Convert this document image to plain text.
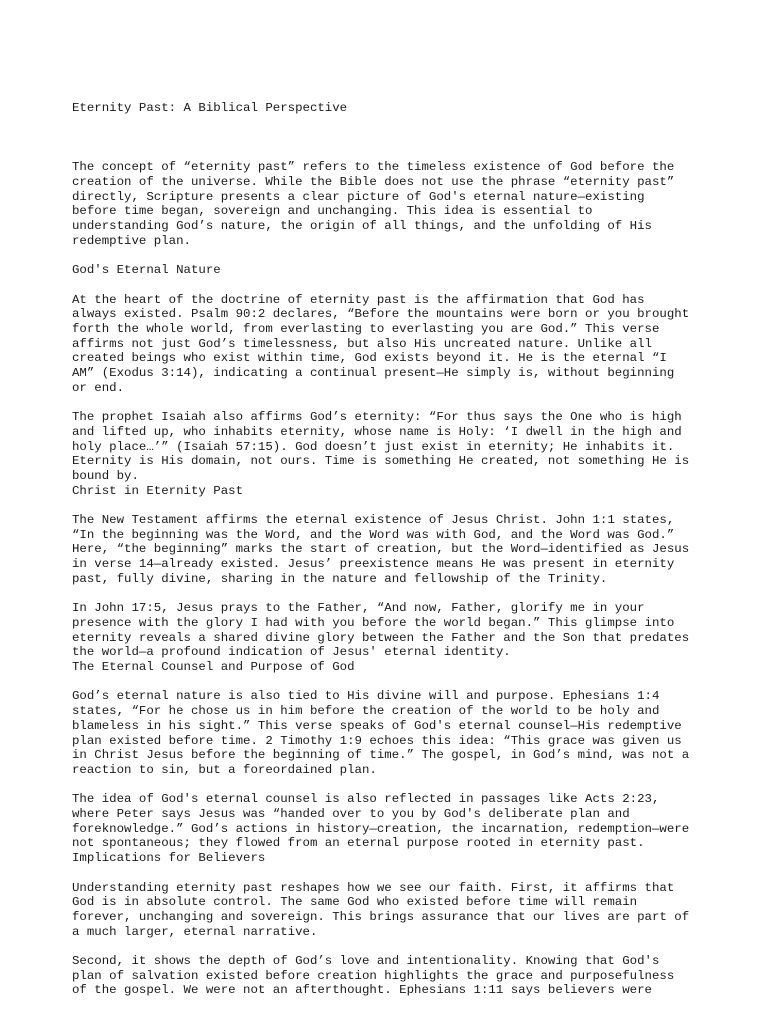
Eternity Past: A Biblical Perspective

The concept of “eternity past” refers to the timeless existence of God before the
creation of the universe. While the Bible does not use the phrase “eternity past”
directly, Scripture presents a clear picture of God's eternal nature—existing
before time began, sovereign and unchanging. This idea is essential to
understanding God’s nature, the origin of all things, and the unfolding of His
redemptive plan.
God's Eternal Nature
At the heart of the doctrine of eternity past is the affirmation that God has
always existed. Psalm 90:2 declares, “Before the mountains were born or you brought
forth the whole world, from everlasting to everlasting you are God.” This verse
affirms not just God’s timelessness, but also His uncreated nature. Unlike all
created beings who exist within time, God exists beyond it. He is the eternal “I
AM” (Exodus 3:14), indicating a continual present—He simply is, without beginning
or end.
The prophet Isaiah also affirms God’s eternity: “For thus says the One who is high
and lifted up, who inhabits eternity, whose name is Holy: ‘I dwell in the high and
holy place…’” (Isaiah 57:15). God doesn’t just exist in eternity; He inhabits it.
Eternity is His domain, not ours. Time is something He created, not something He is
bound by.
Christ in Eternity Past
The New Testament affirms the eternal existence of Jesus Christ. John 1:1 states,
“In the beginning was the Word, and the Word was with God, and the Word was God.”
Here, “the beginning” marks the start of creation, but the Word—identified as Jesus
in verse 14—already existed. Jesus’ preexistence means He was present in eternity
past, fully divine, sharing in the nature and fellowship of the Trinity.
In John 17:5, Jesus prays to the Father, “And now, Father, glorify me in your
presence with the glory I had with you before the world began.” This glimpse into
eternity reveals a shared divine glory between the Father and the Son that predates
the world—a profound indication of Jesus' eternal identity.
The Eternal Counsel and Purpose of God
God’s eternal nature is also tied to His divine will and purpose. Ephesians 1:4
states, “For he chose us in him before the creation of the world to be holy and
blameless in his sight.” This verse speaks of God's eternal counsel—His redemptive
plan existed before time. 2 Timothy 1:9 echoes this idea: “This grace was given us
in Christ Jesus before the beginning of time.” The gospel, in God’s mind, was not a
reaction to sin, but a foreordained plan.
The idea of God's eternal counsel is also reflected in passages like Acts 2:23,
where Peter says Jesus was “handed over to you by God's deliberate plan and
foreknowledge.” God’s actions in history—creation, the incarnation, redemption—were
not spontaneous; they flowed from an eternal purpose rooted in eternity past.
Implications for Believers
Understanding eternity past reshapes how we see our faith. First, it affirms that
God is in absolute control. The same God who existed before time will remain
forever, unchanging and sovereign. This brings assurance that our lives are part of
a much larger, eternal narrative.
Second, it shows the depth of God’s love and intentionality. Knowing that God's
plan of salvation existed before creation highlights the grace and purposefulness
of the gospel. We were not an afterthought. Ephesians 1:11 says believers were
